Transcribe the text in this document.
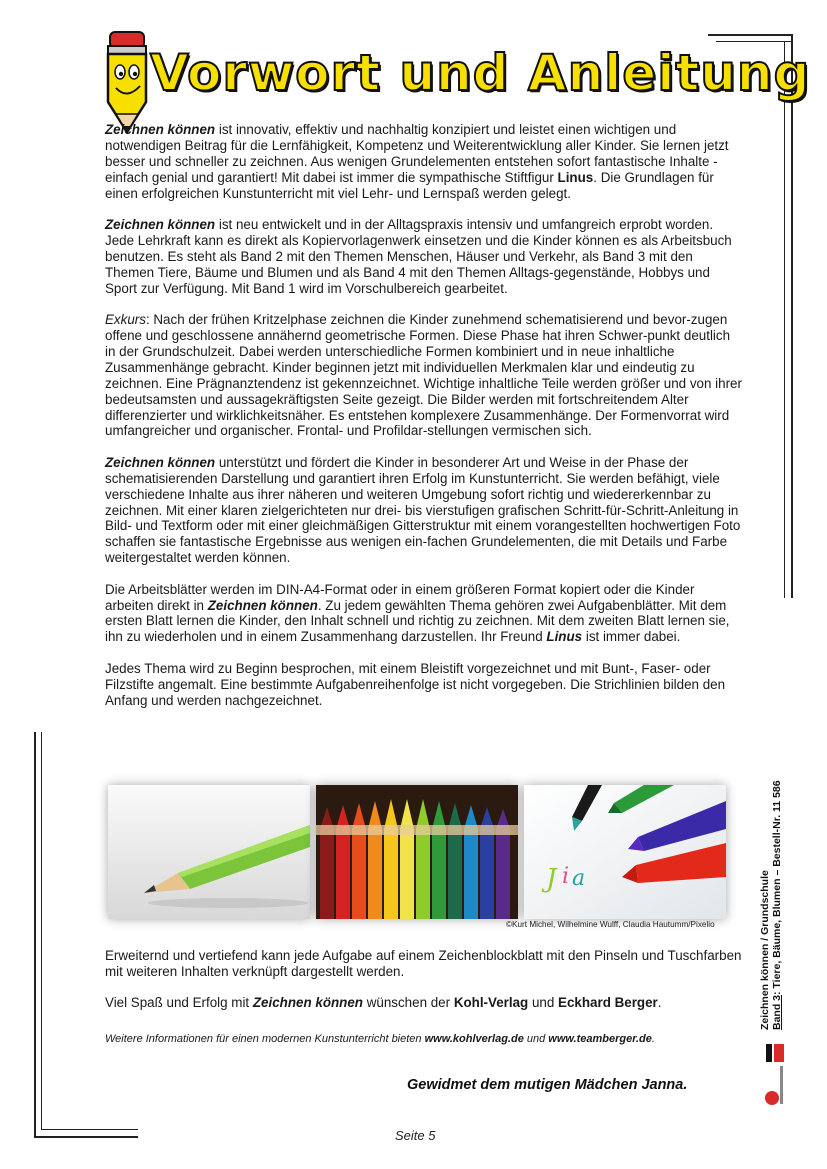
Vorwort und Anleitung

Zeichnen können ist innovativ, effektiv und nachhaltig konzipiert und leistet einen wichtigen und notwendigen Beitrag für die Lernfähigkeit, Kompetenz und Weiterentwicklung aller Kinder. Sie lernen jetzt besser und schneller zu zeichnen. Aus wenigen Grundelementen entstehen sofort fantastische Inhalte - einfach genial und garantiert! Mit dabei ist immer die sympathische Stiftfigur Linus. Die Grundlagen für einen erfolgreichen Kunstunterricht mit viel Lehr- und Lernspaß werden gelegt.

Zeichnen können ist neu entwickelt und in der Alltagspraxis intensiv und umfangreich erprobt worden. Jede Lehrkraft kann es direkt als Kopiervorlagenwerk einsetzen und die Kinder können es als Arbeitsbuch benutzen. Es steht als Band 2 mit den Themen Menschen, Häuser und Verkehr, als Band 3 mit den Themen Tiere, Bäume und Blumen und als Band 4 mit den Themen Alltags-gegenstände, Hobbys und Sport zur Verfügung. Mit Band 1 wird im Vorschulbereich gearbeitet.

Exkurs: Nach der frühen Kritzelphase zeichnen die Kinder zunehmend schematisierend und bevor-zugen offene und geschlossene annähernd geometrische Formen. Diese Phase hat ihren Schwer-punkt deutlich in der Grundschulzeit. Dabei werden unterschiedliche Formen kombiniert und in neue inhaltliche Zusammenhänge gebracht. Kinder beginnen jetzt mit individuellen Merkmalen klar und eindeutig zu zeichnen. Eine Prägnanztendenz ist gekennzeichnet. Wichtige inhaltliche Teile werden größer und von ihrer bedeutsamsten und aussagekräftigsten Seite gezeigt. Die Bilder werden mit fortschreitendem Alter differenzierter und wirklichkeitsnäher. Es entstehen komplexere Zusammenhänge. Der Formenvorrat wird umfangreicher und organischer. Frontal- und Profildar-stellungen vermischen sich.

Zeichnen können unterstützt und fördert die Kinder in besonderer Art und Weise in der Phase der schematisierenden Darstellung und garantiert ihren Erfolg im Kunstunterricht. Sie werden befähigt, viele verschiedene Inhalte aus ihrer näheren und weiteren Umgebung sofort richtig und wiedererkennbar zu zeichnen. Mit einer klaren zielgerichteten nur drei- bis vierstufigen grafischen Schritt-für-Schritt-Anleitung in Bild- und Textform oder mit einer gleichmäßigen Gitterstruktur mit einem vorangestellten hochwertigen Foto schaffen sie fantastische Ergebnisse aus wenigen ein-fachen Grundelementen, die mit Details und Farbe weitergestaltet werden können.

Die Arbeitsblätter werden im DIN-A4-Format oder in einem größeren Format kopiert oder die Kinder arbeiten direkt in Zeichnen können. Zu jedem gewählten Thema gehören zwei Aufgabenblätter. Mit dem ersten Blatt lernen die Kinder, den Inhalt schnell und richtig zu zeichnen. Mit dem zweiten Blatt lernen sie, ihn zu wiederholen und in einem Zusammenhang darzustellen. Ihr Freund Linus ist immer dabei.

Jedes Thema wird zu Beginn besprochen, mit einem Bleistift vorgezeichnet und mit Bunt-, Faser- oder Filzstifte angemalt. Eine bestimmte Aufgabenreihenfolge ist nicht vorgegeben. Die Strichlinien bilden den Anfang und werden nachgezeichnet.

J i a
©Kurt Michel, Wilhelmine Wulff, Claudia Hautumm/Pixelio

Erweiternd und vertiefend kann jede Aufgabe auf einem Zeichenblockblatt mit den Pinseln und Tuschfarben mit weiteren Inhalten verknüpft dargestellt werden.

Viel Spaß und Erfolg mit Zeichnen können wünschen der Kohl-Verlag und Eckhard Berger.

Weitere Informationen für einen modernen Kunstunterricht bieten www.kohlverlag.de und www.teamberger.de.
Gewidmet dem mutigen Mädchen Janna.
Seite 5
Zeichnen können / Grundschule Band 3: Tiere, Bäume, Blumen – Bestell-Nr. 11 586
